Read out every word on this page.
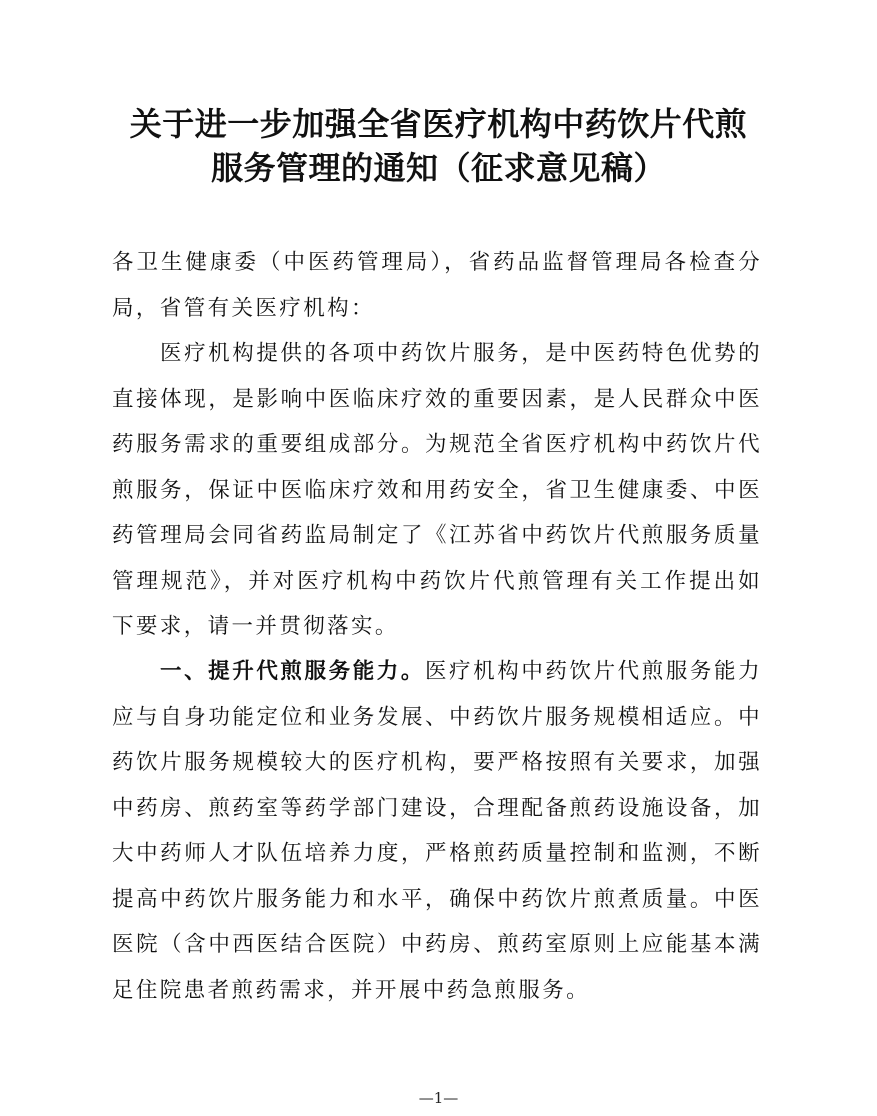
关于进一步加强全省医疗机构中药饮片代煎
服务管理的通知（征求意见稿）

各卫生健康委（中医药管理局），省药品监督管理局各检查分局，省管有关医疗机构：

医疗机构提供的各项中药饮片服务，是中医药特色优势的直接体现，是影响中医临床疗效的重要因素，是人民群众中医药服务需求的重要组成部分。为规范全省医疗机构中药饮片代煎服务，保证中医临床疗效和用药安全，省卫生健康委、中医药管理局会同省药监局制定了《江苏省中药饮片代煎服务质量管理规范》，并对医疗机构中药饮片代煎管理有关工作提出如下要求，请一并贯彻落实。

一、提升代煎服务能力。医疗机构中药饮片代煎服务能力应与自身功能定位和业务发展、中药饮片服务规模相适应。中药饮片服务规模较大的医疗机构，要严格按照有关要求，加强中药房、煎药室等药学部门建设，合理配备煎药设施设备，加大中药师人才队伍培养力度，严格煎药质量控制和监测，不断提高中药饮片服务能力和水平，确保中药饮片煎煮质量。中医医院（含中西医结合医院）中药房、煎药室原则上应能基本满足住院患者煎药需求，并开展中药急煎服务。

—1—
